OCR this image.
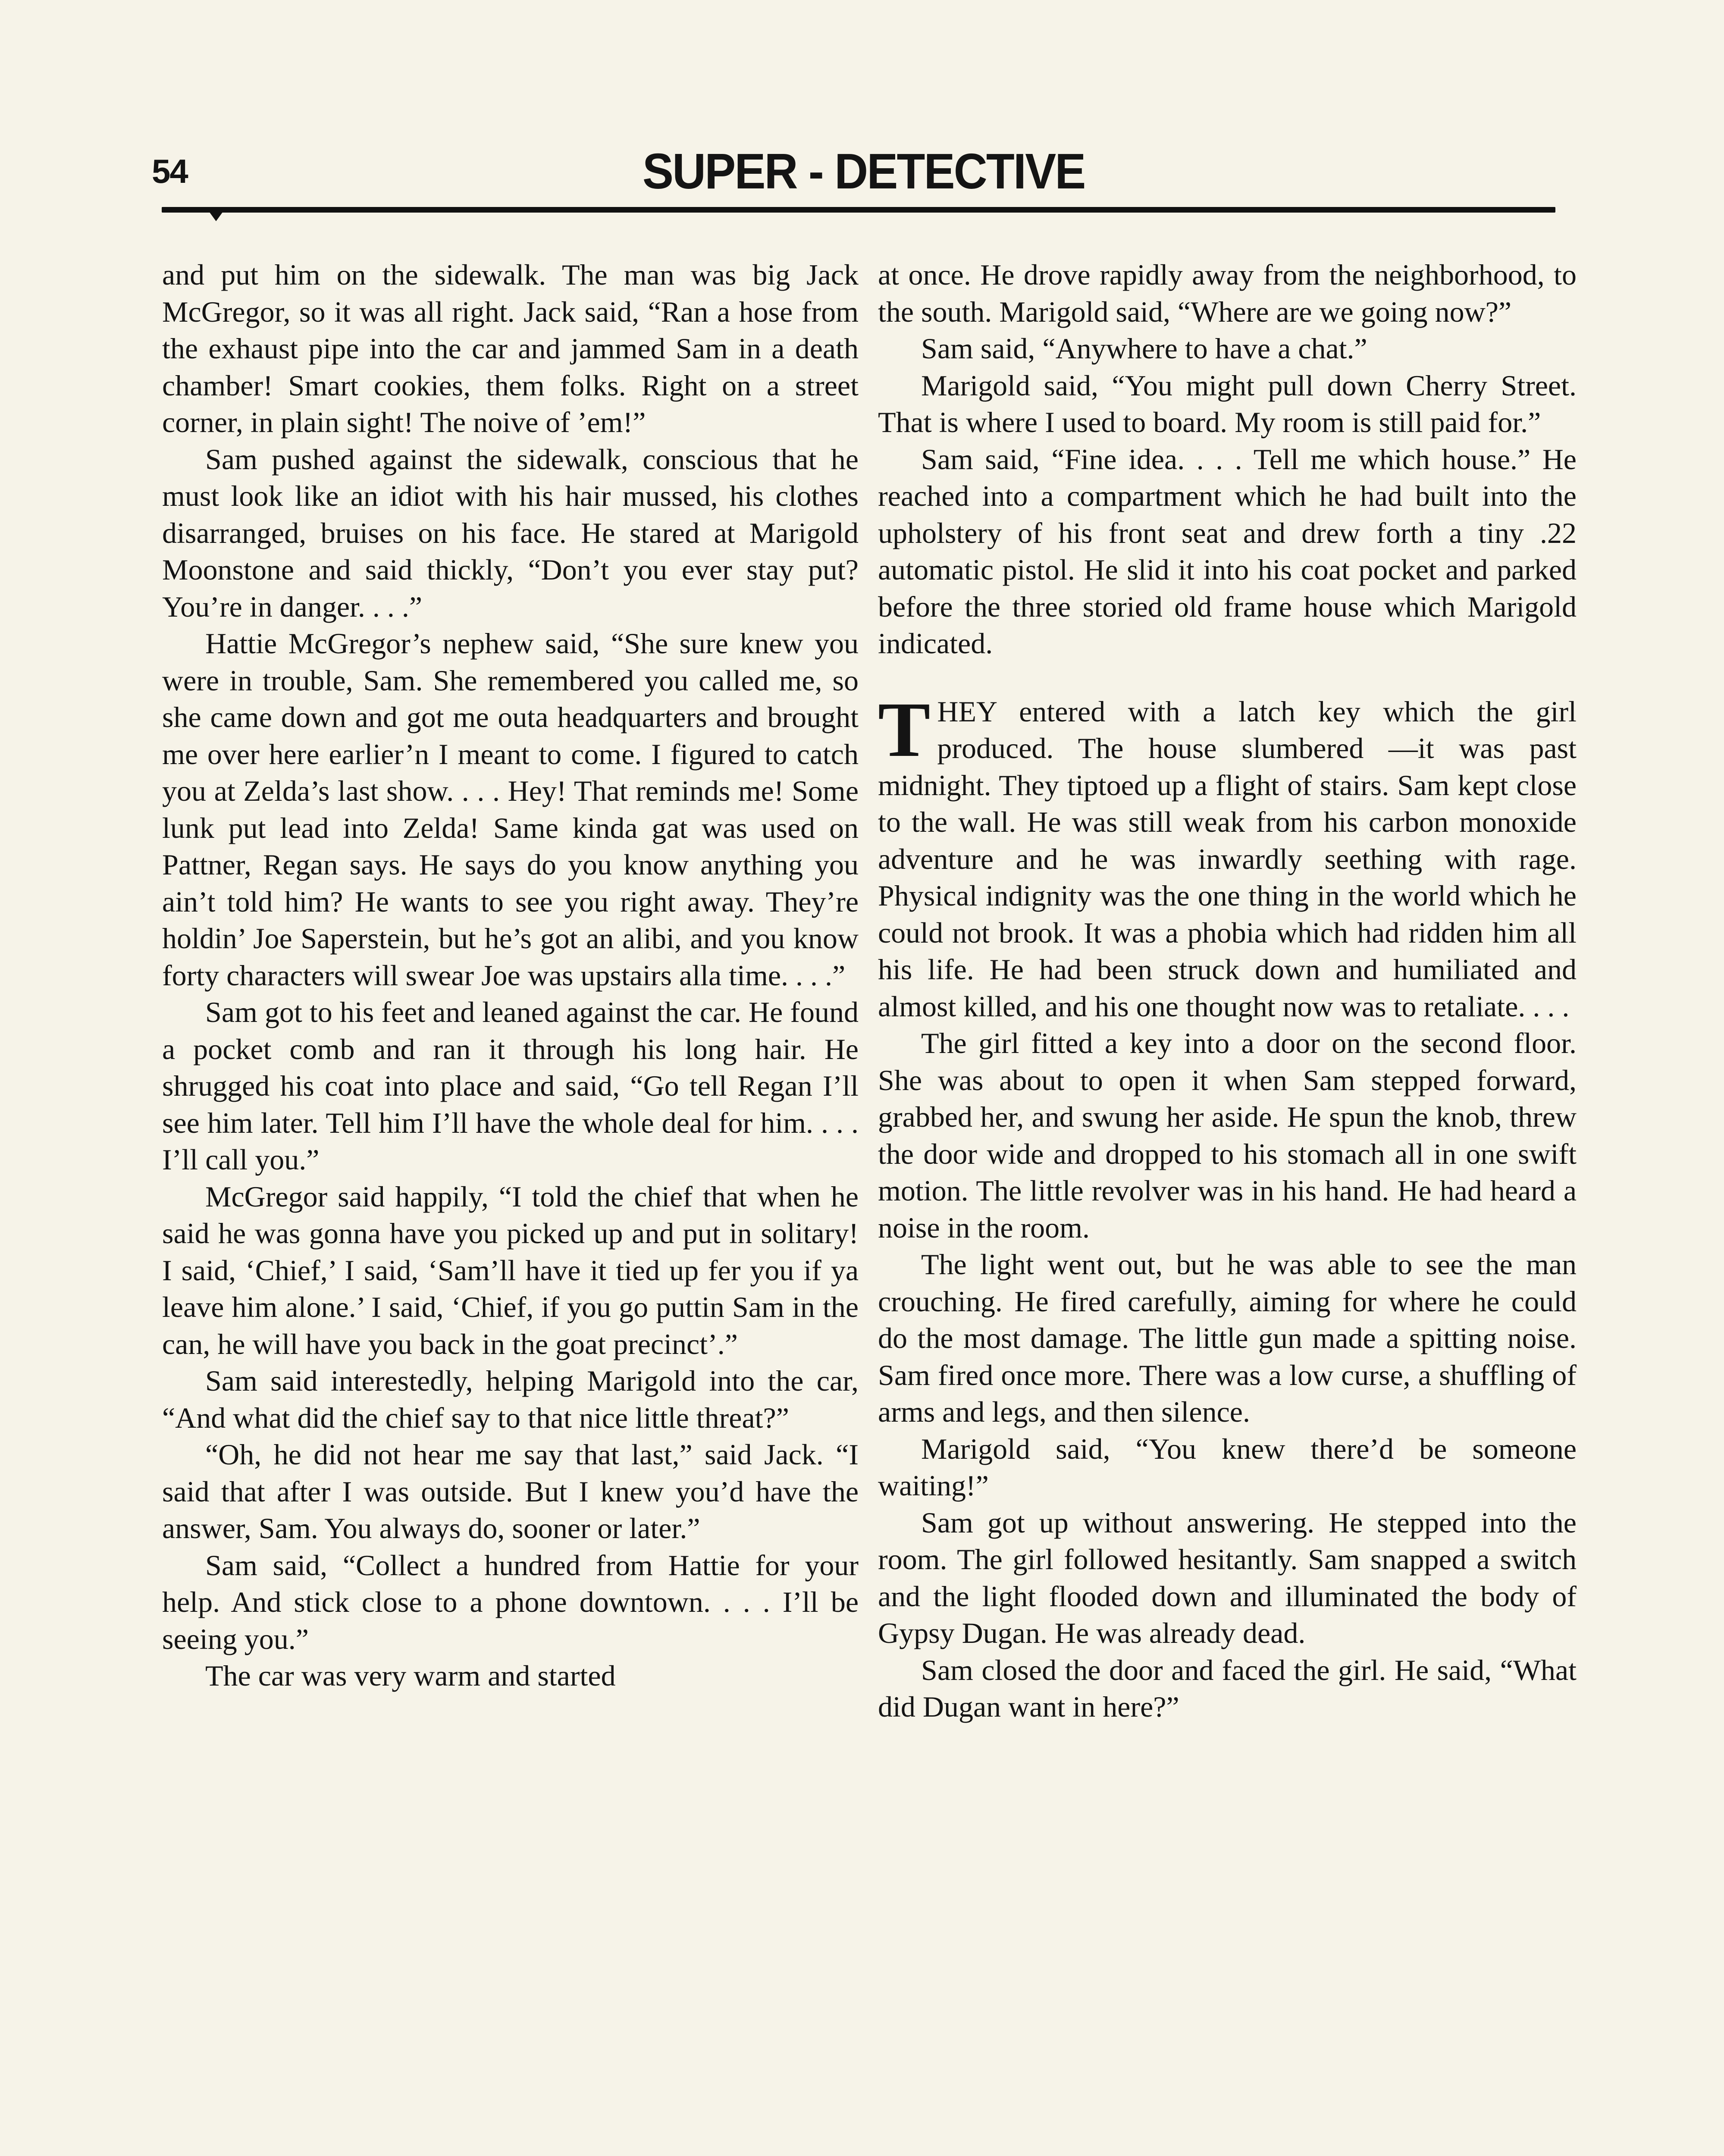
54	SUPER - DETECTIVE

and put him on the sidewalk. The man was big Jack McGregor, so it was all right. Jack said, “Ran a hose from the exhaust pipe into the car and jammed Sam in a death chamber! Smart cookies, them folks. Right on a street corner, in plain sight! The noive of ’em!”

Sam pushed against the sidewalk, conscious that he must look like an idiot with his hair mussed, his clothes disarranged, bruises on his face. He stared at Marigold Moonstone and said thickly, “Don’t you ever stay put? You’re in danger. . . .”

Hattie McGregor’s nephew said, “She sure knew you were in trouble, Sam. She remembered you called me, so she came down and got me outa headquarters and brought me over here earlier’n I meant to come. I figured to catch you at Zelda’s last show. . . . Hey! That reminds me! Some lunk put lead into Zelda! Same kinda gat was used on Pattner, Regan says. He says do you know anything you ain’t told him? He wants to see you right away. They’re holdin’ Joe Saperstein, but he’s got an alibi, and you know forty characters will swear Joe was upstairs alla time. . . .”

Sam got to his feet and leaned against the car. He found a pocket comb and ran it through his long hair. He shrugged his coat into place and said, “Go tell Regan I’ll see him later. Tell him I’ll have the whole deal for him. . . . I’ll call you.”

McGregor said happily, “I told the chief that when he said he was gonna have you picked up and put in solitary! I said, ‘Chief,’ I said, ‘Sam’ll have it tied up fer you if ya leave him alone.’ I said, ‘Chief, if you go puttin Sam in the can, he will have you back in the goat precinct’.”

Sam said interestedly, helping Marigold into the car, “And what did the chief say to that nice little threat?”

“Oh, he did not hear me say that last,” said Jack. “I said that after I was outside. But I knew you’d have the answer, Sam. You always do, sooner or later.”

Sam said, “Collect a hundred from Hattie for your help. And stick close to a phone downtown. . . . I’ll be seeing you.”

The car was very warm and started

at once. He drove rapidly away from the neighborhood, to the south. Marigold said, “Where are we going now?”

Sam said, “Anywhere to have a chat.”

Marigold said, “You might pull down Cherry Street. That is where I used to board. My room is still paid for.”

Sam said, “Fine idea. . . . Tell me which house.” He reached into a compartment which he had built into the upholstery of his front seat and drew forth a tiny .22 automatic pistol. He slid it into his coat pocket and parked before the three storied old frame house which Marigold indicated.

THEY entered with a latch key which the girl produced. The house slumbered —it was past midnight. They tiptoed up a flight of stairs. Sam kept close to the wall. He was still weak from his carbon monoxide adventure and he was inwardly seething with rage. Physical indignity was the one thing in the world which he could not brook. It was a phobia which had ridden him all his life. He had been struck down and humiliated and almost killed, and his one thought now was to retaliate. . . .

The girl fitted a key into a door on the second floor. She was about to open it when Sam stepped forward, grabbed her, and swung her aside. He spun the knob, threw the door wide and dropped to his stomach all in one swift motion. The little revolver was in his hand. He had heard a noise in the room.

The light went out, but he was able to see the man crouching. He fired carefully, aiming for where he could do the most damage. The little gun made a spitting noise. Sam fired once more. There was a low curse, a shuffling of arms and legs, and then silence.

Marigold said, “You knew there’d be someone waiting!”

Sam got up without answering. He stepped into the room. The girl followed hesitantly. Sam snapped a switch and the light flooded down and illuminated the body of Gypsy Dugan. He was already dead.

Sam closed the door and faced the girl. He said, “What did Dugan want in here?”
